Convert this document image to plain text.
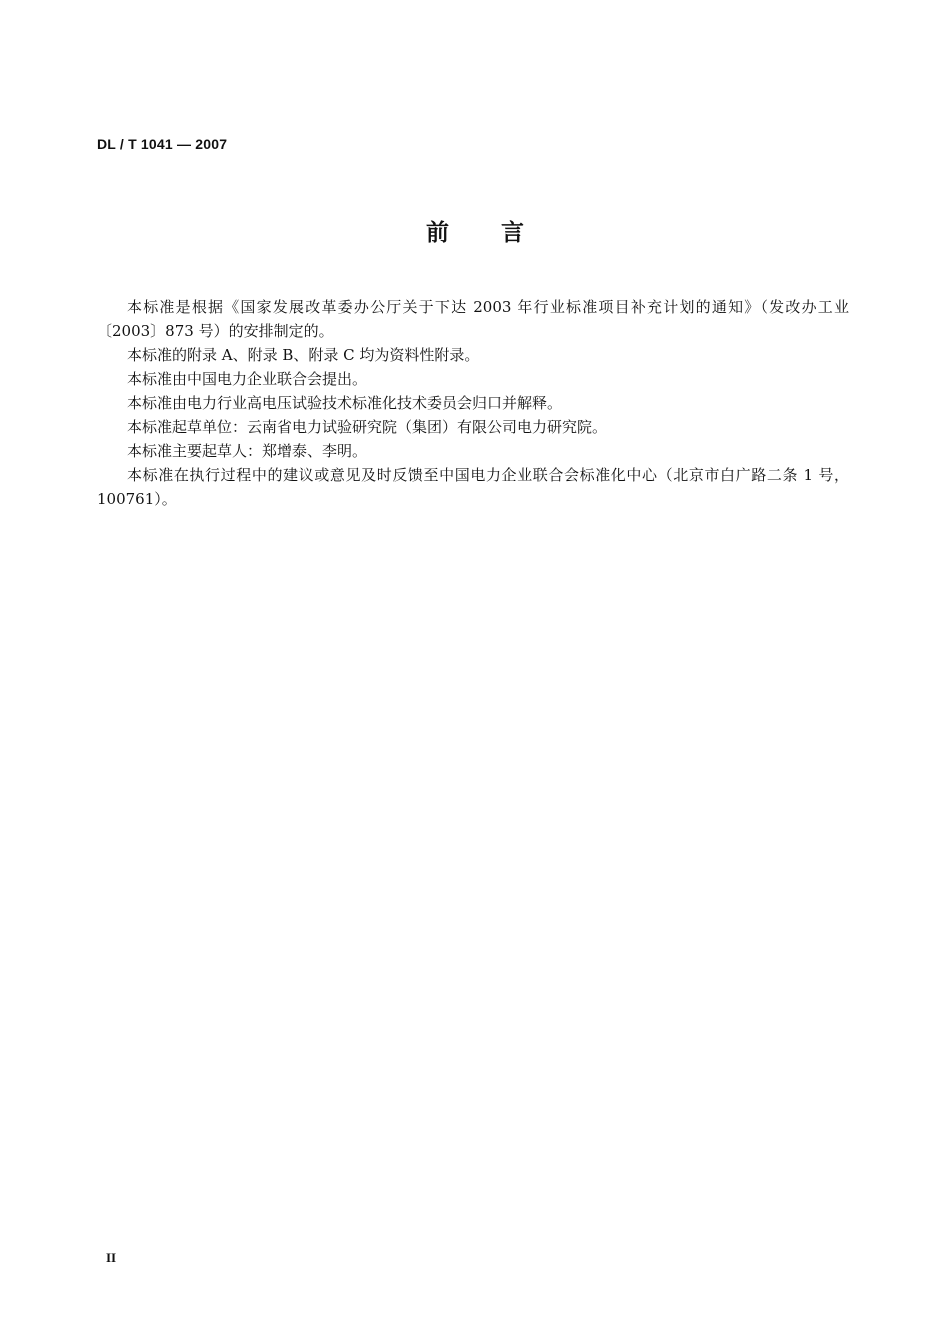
DL / T 1041 — 2007
前言

本标准是根据《国家发展改革委办公厅关于下达 2003 年行业标准项目补充计划的通知》（发改办工业〔2003〕873 号）的安排制定的。

本标准的附录 A、附录 B、附录 C 均为资料性附录。

本标准由中国电力企业联合会提出。

本标准由电力行业高电压试验技术标准化技术委员会归口并解释。

本标准起草单位：云南省电力试验研究院（集团）有限公司电力研究院。

本标准主要起草人：郑增泰、李明。

本标准在执行过程中的建议或意见及时反馈至中国电力企业联合会标准化中心（北京市白广路二条 1 号，100761）。

II
